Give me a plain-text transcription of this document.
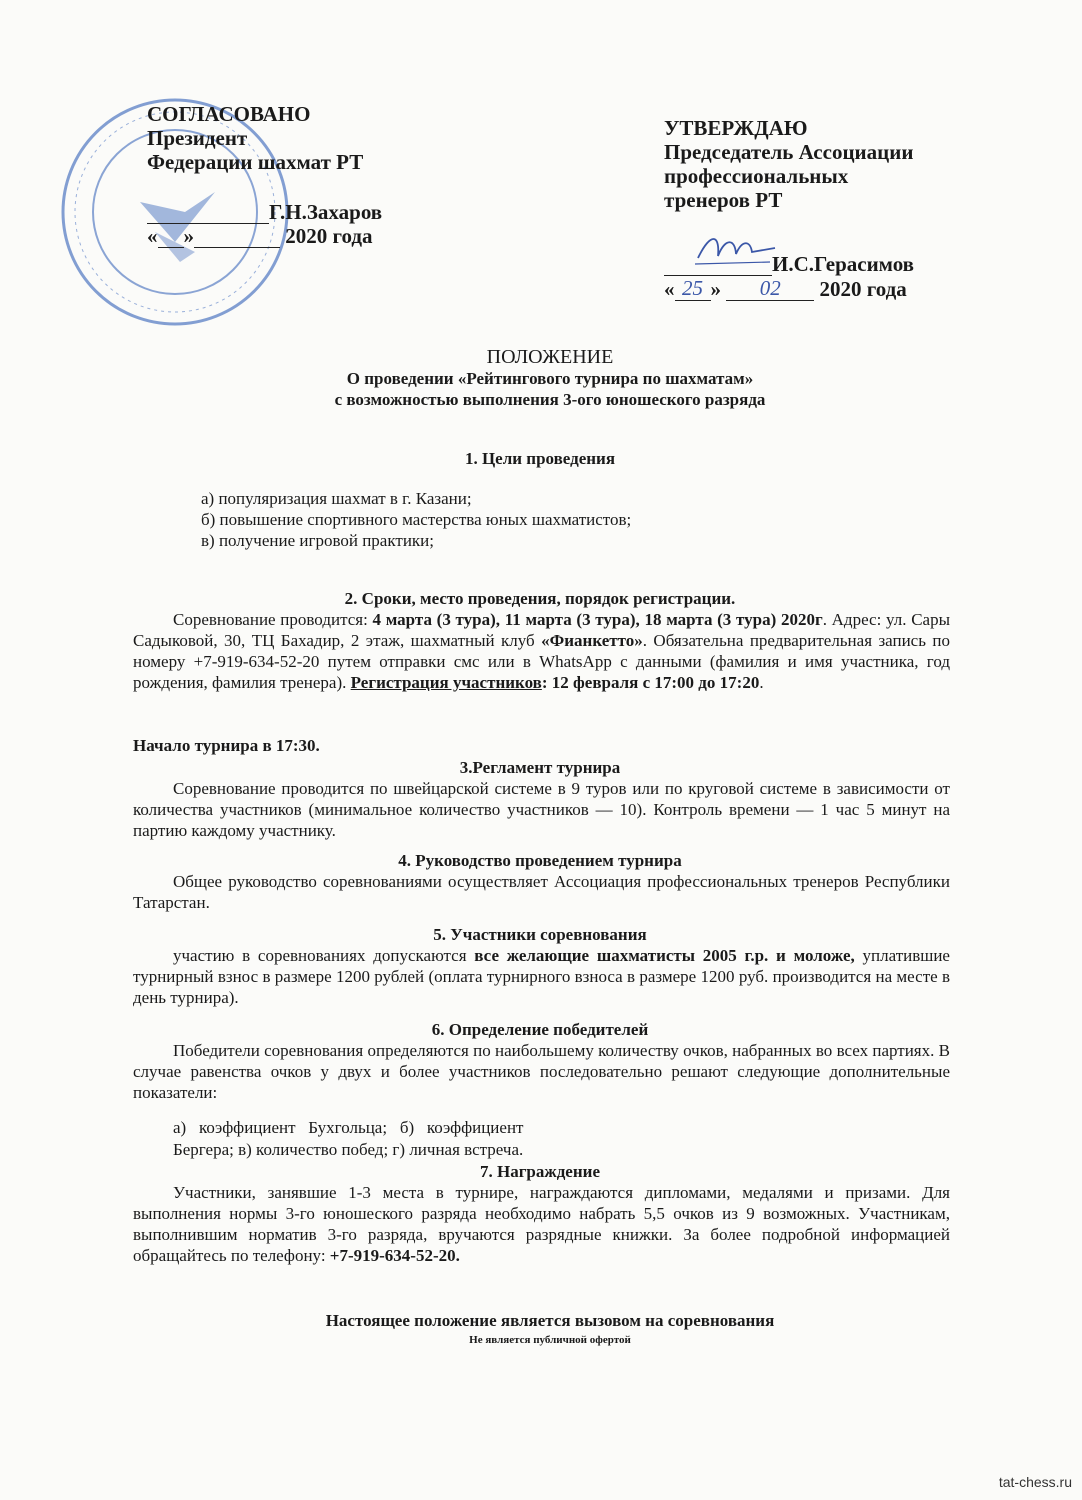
СОГЛАСОВАНО
Президент
Федерации шахмат РТ
Г.Н.Захаров
« »	2020 года
УТВЕРЖДАЮ
Председатель Ассоциации
профессиональных
тренеров РТ
И.С.Герасимов
« 25 » 02 2020 года
ПОЛОЖЕНИЕ
О проведении «Рейтингового турнира по шахматам»
с возможностью выполнения 3-ого юношеского разряда
1. Цели проведения
а) популяризация шахмат в г. Казани;
б) повышение спортивного мастерства юных шахматистов;
в) получение игровой практики;
2. Сроки, место проведения, порядок регистрации.
Соревнование проводится: 4 марта (3 тура), 11 марта (3 тура), 18 марта (3 тура) 2020г. Адрес: ул. Сары Садыковой, 30, ТЦ Бахадир, 2 этаж, шахматный клуб «Фианкетто». Обязательна предварительная запись по номеру +7-919-634-52-20 путем отправки смс или в WhatsApp с данными (фамилия и имя участника, год рождения, фамилия тренера). Регистрация участников: 12 февраля с 17:00 до 17:20.
Начало турнира в 17:30.
3.Регламент турнира
Соревнование проводится по швейцарской системе в 9 туров или по круговой системе в зависимости от количества участников (минимальное количество участников — 10). Контроль времени — 1 час 5 минут на партию каждому участнику.
4. Руководство проведением турнира
Общее руководство соревнованиями осуществляет Ассоциация профессиональных тренеров Республики Татарстан.
5. Участники соревнования
участию в соревнованиях допускаются все желающие шахматисты 2005 г.р. и моложе, уплатившие турнирный взнос в размере 1200 рублей (оплата турнирного взноса в размере 1200 руб. производится на месте в день турнира).
6. Определение победителей
Победители соревнования определяются по наибольшему количеству очков, набранных во всех партиях. В случае равенства очков у двух и более участников последовательно решают следующие дополнительные показатели:
а)   коэффициент   Бухгольца;   б)   коэффициент
Бергера; в) количество побед; г) личная встреча.
7. Награждение
Участники, занявшие 1-3 места в турнире, награждаются дипломами, медалями и призами. Для выполнения нормы 3-го юношеского разряда необходимо набрать 5,5 очков из 9 возможных. Участникам, выполнившим норматив 3-го разряда, вручаются разрядные книжки. За более подробной информацией обращайтесь по телефону: +7-919-634-52-20.
Настоящее положение является вызовом на соревнования
Не является публичной офертой
tat-chess.ru
